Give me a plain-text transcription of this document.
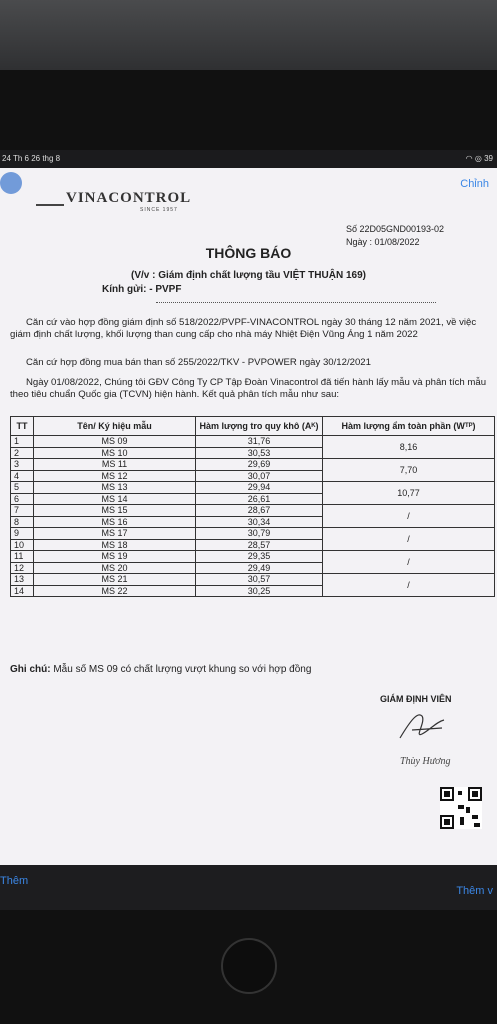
24 Th 6 26 thg 8	◠ ◎ 39
Chỉnh
VINACONTROL
SINCE 1957
Số 22D05GND00193-02
Ngày : 01/08/2022
THÔNG BÁO
(V/v : Giám định chất lượng tầu VIỆT THUẬN 169)
Kính gửi: - PVPF
Căn cứ vào hợp đồng giám định số 518/2022/PVPF-VINACONTROL ngày 30 tháng 12 năm 2021, về việc giám định chất lượng, khối lượng than cung cấp cho nhà máy Nhiệt Điện Vũng Áng 1 năm 2022
Căn cứ hợp đồng mua bán than số 255/2022/TKV - PVPOWER ngày 30/12/2021
Ngày 01/08/2022, Chúng tôi GĐV Công Ty CP Tập Đoàn Vinacontrol đã tiến hành lấy mẫu và phân tích mẫu theo tiêu chuẩn Quốc gia (TCVN) hiện hành. Kết quả phân tích mẫu như sau:
TT	Tên/ Ký hiệu mẫu	Hàm lượng tro quy khô (Aᴷ)	Hàm lượng ẩm toàn phần (Wᵀᴾ)
1	MS 09	31,76	8,16
2	MS 10	30,53	
3	MS 11	29,69	7,70
4	MS 12	30,07	
5	MS 13	29,94	10,77
6	MS 14	26,61	
7	MS 15	28,67	/
8	MS 16	30,34	
9	MS 17	30,79	/
10	MS 18	28,57	
11	MS 19	29,35	/
12	MS 20	29,49	
13	MS 21	30,57	/
14	MS 22	30,25	
Ghi chú: Mẫu số MS 09 có chất lượng vượt khung so với hợp đồng
GIÁM ĐỊNH VIÊN
Thùy Hương
Thêm
Thêm v
